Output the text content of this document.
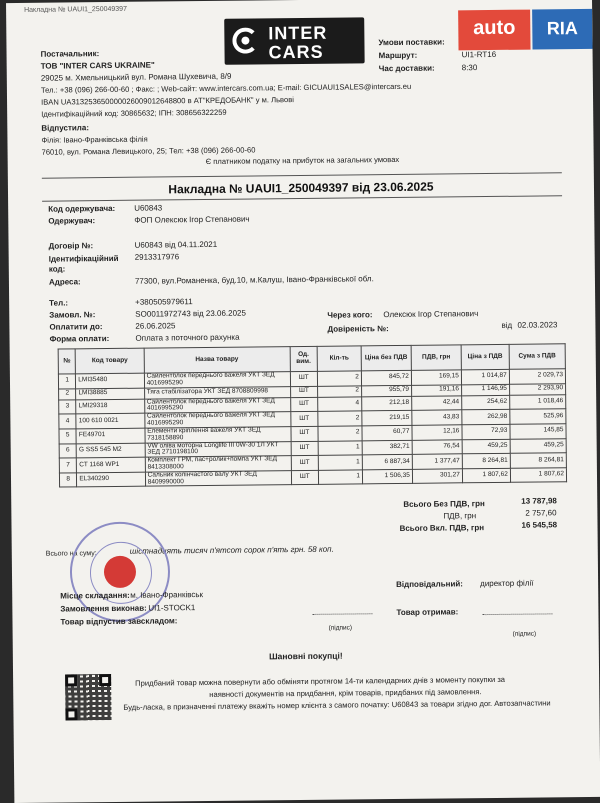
Накладна № UAUI1_250049397
Постачальник:
ТОВ "INTER CARS UKRAINE"
29025 м. Хмельницький вул. Романа Шухевича, 8/9
Тел.: +38 (096) 266-00-60 ; Факс: ; Web-сайт: www.intercars.com.ua; E-mail: GICUAUI1SALES@intercars.eu
IBAN UA313253650000026009012648800 в АТ"КРЕДОБАНК" у м. Львові
Ідентифікаційний код: 30865632; ІПН: 308656322259
Відпустила:
Філія: Івано-Франківська філія
76010, вул. Романа Левицького, 25; Тел: +38 (096) 266-00-60
Є платником податку на прибуток на загальних умовах
INTER
CARS	Умови поставки:
Маршрут:	UI1-RT16
Час доставки:	8:30
auto	RIA
Накладна № UAUI1_250049397 від 23.06.2025
Код одержувача: U60843
Одержувач:	ФОП Олексюк Ігор Степанович
Договір №:	U60843 від 04.11.2021
Ідентифікаційний код:
2913317976
Адреса:	77300, вул.Романенка, буд.10, м.Калуш, Івано-Франківської обл.
Тел.:	+380505979611
Замовл. №:	SO0011972743 від 23.06.2025
Оплатити до:	26.06.2025
Форма оплати:	Оплата з поточного рахунка
Через кого: Олексюк Ігор Степанович
Довіреність №:	від 02.03.2023
№	Код товару	Назва товару	Од. вим.	Кіл-ть	Ціна без ПДВ	ПДВ, грн	Ціна з ПДВ	Сума з ПДВ
1	LMI35480	Сайлентблок переднього важеля УКТ ЗЕД 4016995290	ШТ	2	845,72	169,15	1 014,87	2 029,73
2	LMI38885	Тяга стабілізатора УКТ ЗЕД 8708809998	ШТ	2	955,79	191,16	1 146,95	2 293,90
3	LMI29318	Сайлентблок переднього важеля УКТ ЗЕД 4016995290	ШТ	4	212,18	42,44	254,62	1 018,46
4	100 610 0021	Сайлентблок переднього важеля УКТ ЗЕД 4016995290	ШТ	2	219,15	43,83	262,98	525,96
5	FE49701	Елементи кріплення важеля УКТ ЗЕД 7318158890	ШТ	2	60,77	12,16	72,93	145,85
6	G SS5 545 M2	VW оліва моторна Longlife III 0W-30 1Л УКТ ЗЕД 2710198100	ШТ	1	382,71	76,54	459,25	459,25
7	CT 1168 WP1	Комплект ГРМ, пас+ролик+помпа УКТ ЗЕД 8413308000	ШТ	1	6 887,34	1 377,47	8 264,81	8 264,81
8	EL340290	Сальник колінчастого валу УКТ ЗЕД 8409990000	ШТ	1	1 506,35	301,27	1 807,62	1 807,62
Всього Без ПДВ, грн	13 787,98
ПДВ, грн	2 757,60
Всього Вкл. ПДВ, грн	16 545,58
Всього на суму:	шістнадцять тисяч п'ятсот сорок п'ять грн. 58 коп.
Місце складання: м. Івано-Франківськ
Замовлення виконав: UI1-STOCK1
Товар відпустив завскладом:
(підпис)
Відповідальний: директор філії
Товар отримав:
(підпис)
Шановні покупці!
Придбаний товар можна повернути або обміняти протягом 14-ти календарних днів з моменту покупки за
наявності документів на придбання, крім товарів, придбаних під замовлення.
Будь-ласка, в призначенні платежу вкажіть номер клієнта з самого початку: U60843 за товари згідно дог. Автозапчастини
